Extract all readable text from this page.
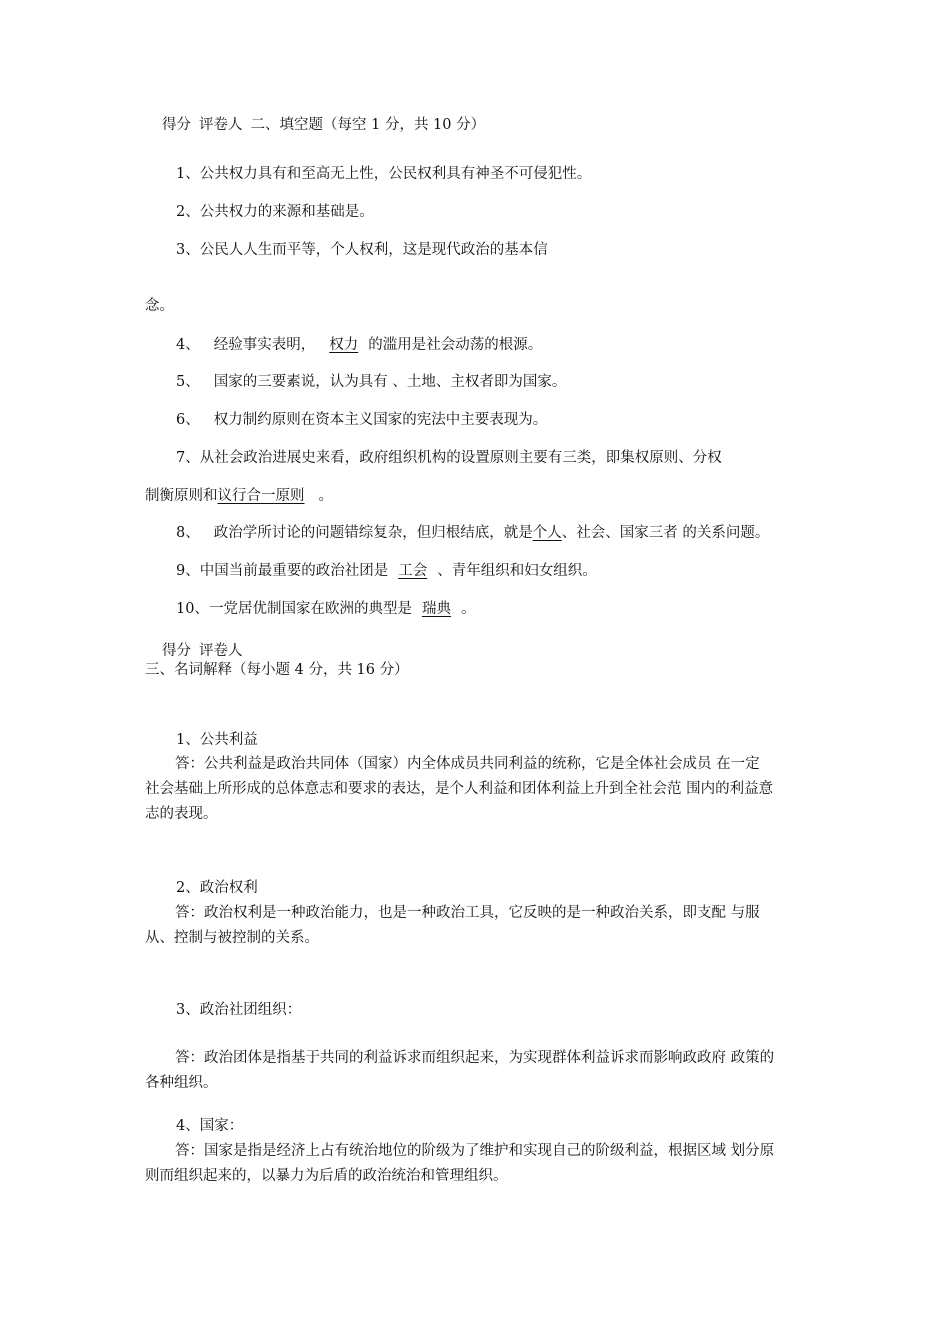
得分 评卷人 二、填空题（每空 1 分，共 10 分）
1、公共权力具有和至高无上性，公民权利具有神圣不可侵犯性。
2、公共权力的来源和基础是。
3、公民人人生而平等，个人权利，这是现代政治的基本信
念。
4、 经验事实表明， 权力 的滥用是社会动荡的根源。
5、 国家的三要素说，认为具有 、土地、主权者即为国家。
6、 权力制约原则在资本主义国家的宪法中主要表现为。
7、从社会政治进展史来看，政府组织机构的设置原则主要有三类，即集权原则、分权
制衡原则和议行合一原则 。
8、 政治学所讨论的问题错综复杂，但归根结底，就是个人、社会、国家三者 的关系问题。
9、中国当前最重要的政治社团是 工会 、青年组织和妇女组织。
10、一党居优制国家在欧洲的典型是 瑞典 。
得分 评卷人
三、名词解释（每小题 4 分，共 16 分）
1、公共利益
答：公共利益是政治共同体（国家）内全体成员共同利益的统称，它是全体社会成员 在一定
社会基础上所形成的总体意志和要求的表达，是个人利益和团体利益上升到全社会范 围内的利益意
志的表现。
2、政治权利
答：政治权利是一种政治能力，也是一种政治工具，它反映的是一种政治关系，即支配 与服
从、控制与被控制的关系。
3、政治社团组织：
答：政治团体是指基于共同的利益诉求而组织起来，为实现群体利益诉求而影响政政府 政策的
各种组织。
4、国家：
答：国家是指是经济上占有统治地位的阶级为了维护和实现自己的阶级利益，根据区域 划分原
则而组织起来的，以暴力为后盾的政治统治和管理组织。
